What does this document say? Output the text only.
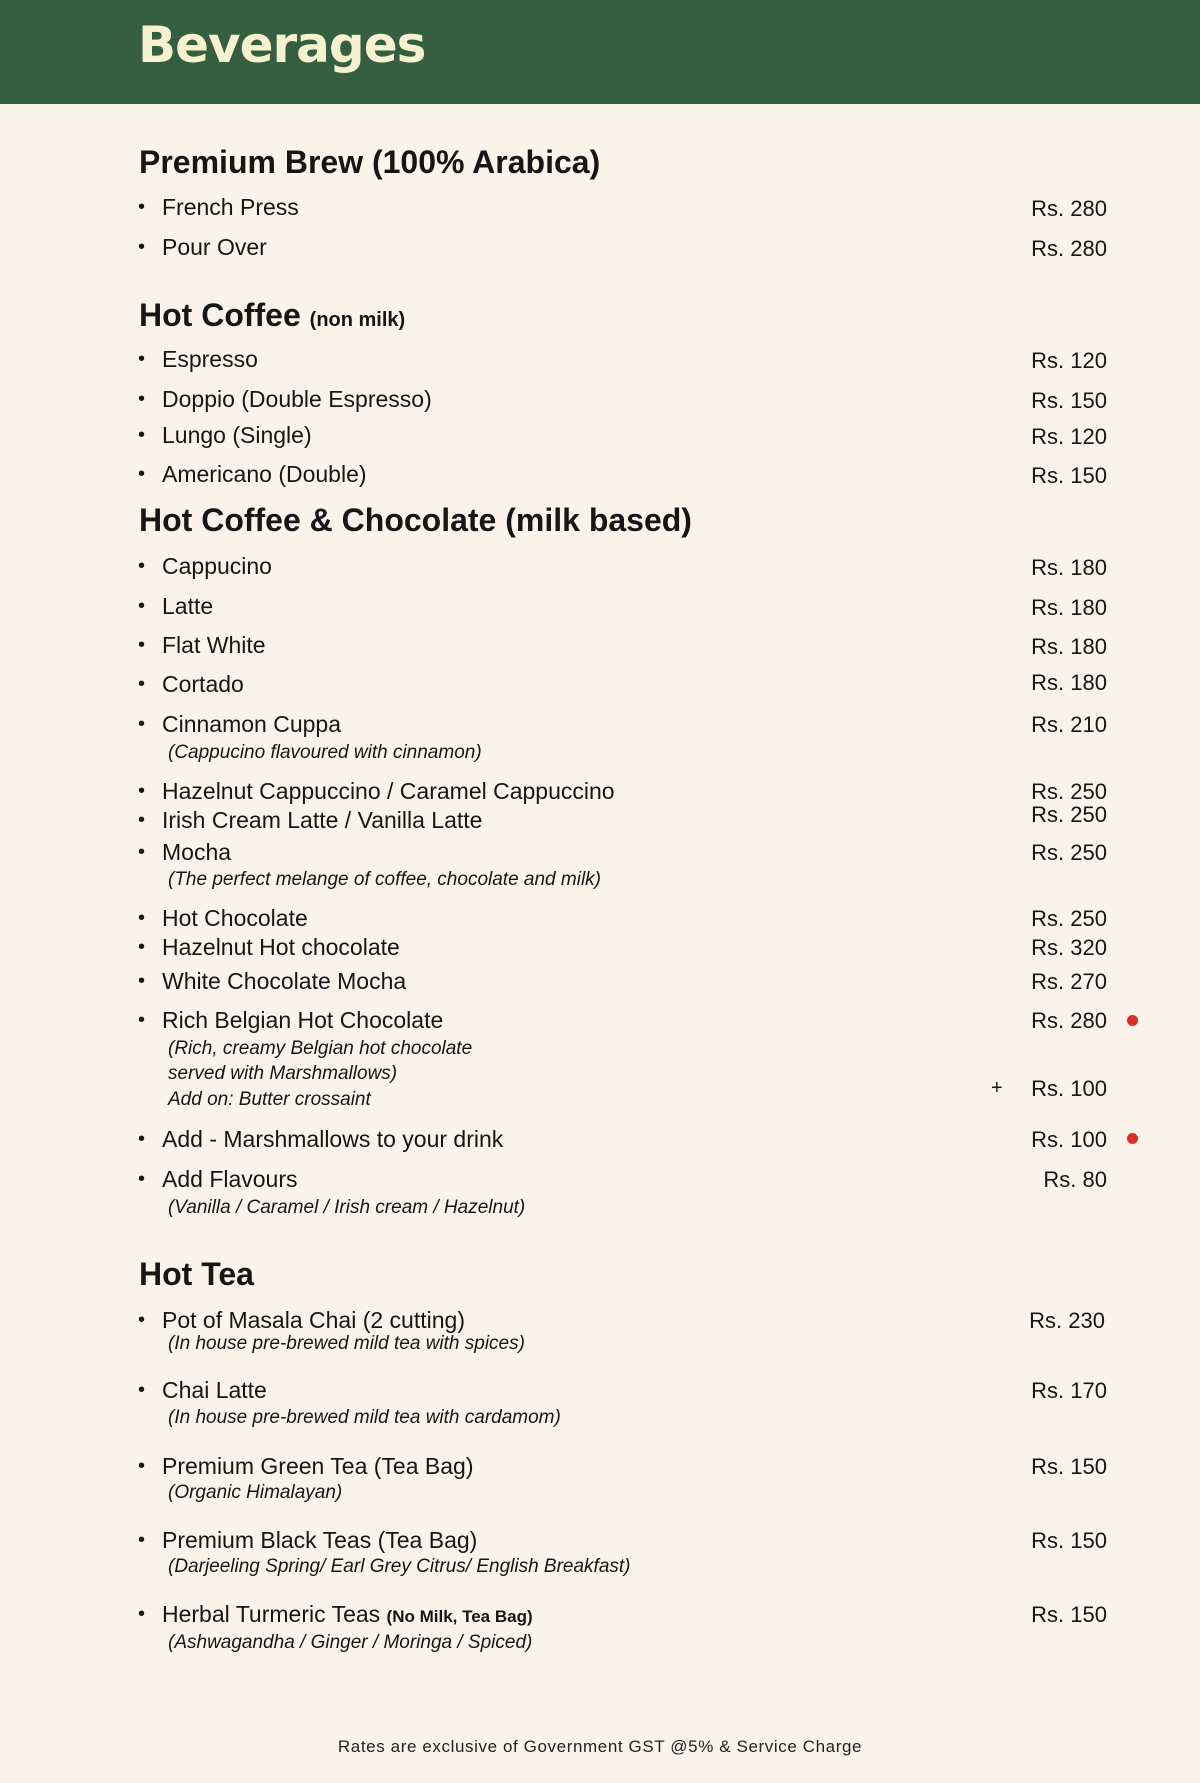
Beverages
Premium Brew (100% Arabica)
• French Press	Rs. 280
• Pour Over	Rs. 280
Hot Coffee (non milk)
• Espresso	Rs. 120
• Doppio (Double Espresso)	Rs. 150
• Lungo (Single)	Rs. 120
• Americano (Double)	Rs. 150
Hot Coffee & Chocolate (milk based)
• Cappucino	Rs. 180
• Latte	Rs. 180
• Flat White	Rs. 180
• Cortado	Rs. 180
• Cinnamon Cuppa	Rs. 210
(Cappucino flavoured with cinnamon)
• Hazelnut Cappuccino / Caramel Cappuccino	Rs. 250
• Irish Cream Latte / Vanilla Latte	Rs. 250
• Mocha	Rs. 250
(The perfect melange of coffee, chocolate and milk)
• Hot Chocolate	Rs. 250
• Hazelnut Hot chocolate	Rs. 320
• White Chocolate Mocha	Rs. 270
• Rich Belgian Hot Chocolate	Rs. 280
(Rich, creamy Belgian hot chocolate
served with Marshmallows)
Add on: Butter crossaint
+ Rs. 100
• Add - Marshmallows to your drink	Rs. 100
• Add Flavours	Rs. 80
(Vanilla / Caramel / Irish cream / Hazelnut)
Hot Tea
• Pot of Masala Chai (2 cutting)	Rs. 230
(In house pre-brewed mild tea with spices)
• Chai Latte	Rs. 170
(In house pre-brewed mild tea with cardamom)
• Premium Green Tea (Tea Bag)	Rs. 150
(Organic Himalayan)
• Premium Black Teas (Tea Bag)	Rs. 150
(Darjeeling Spring/ Earl Grey Citrus/ English Breakfast)
• Herbal Turmeric Teas (No Milk, Tea Bag)	Rs. 150
(Ashwagandha / Ginger / Moringa / Spiced)
Rates are exclusive of Government GST @5% & Service Charge
